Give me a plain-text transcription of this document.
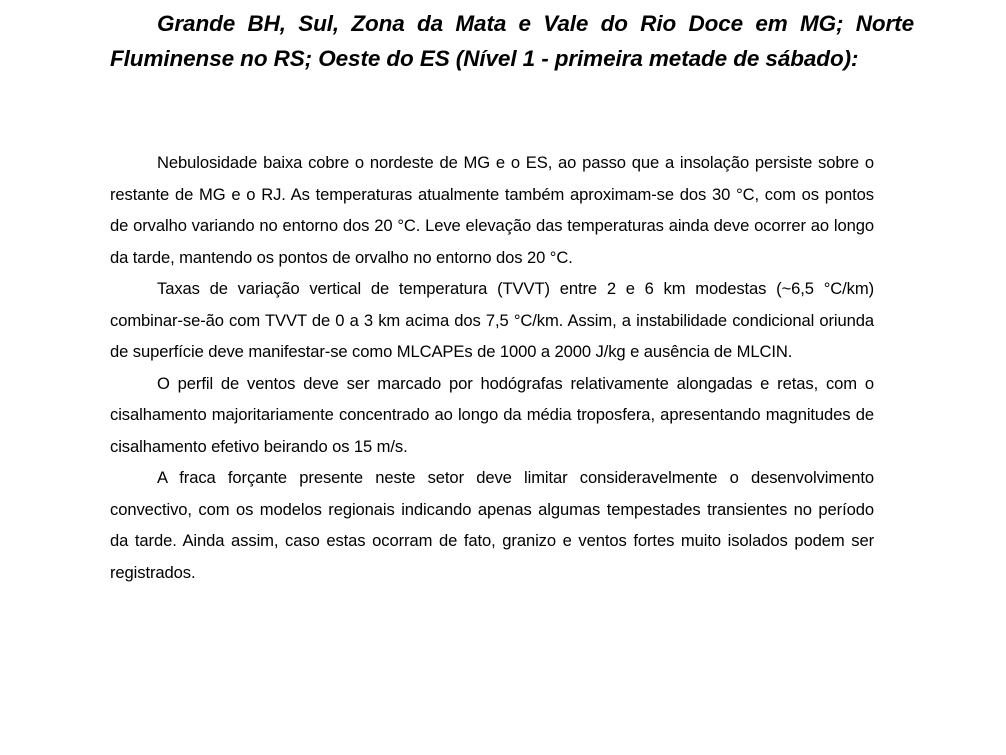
Grande BH, Sul, Zona da Mata e Vale do Rio Doce em MG; Norte Fluminense no RS; Oeste do ES (Nível 1 - primeira metade de sábado):

Nebulosidade baixa cobre o nordeste de MG e o ES, ao passo que a insolação persiste sobre o restante de MG e o RJ. As temperaturas atualmente também aproximam-se dos 30 °C, com os pontos de orvalho variando no entorno dos 20 °C. Leve elevação das temperaturas ainda deve ocorrer ao longo da tarde, mantendo os pontos de orvalho no entorno dos 20 °C.

Taxas de variação vertical de temperatura (TVVT) entre 2 e 6 km modestas (~6,5 °C/km) combinar-se-ão com TVVT de 0 a 3 km acima dos 7,5 °C/km. Assim, a instabilidade condicional oriunda de superfície deve manifestar-se como MLCAPEs de 1000 a 2000 J/kg e ausência de MLCIN.

O perfil de ventos deve ser marcado por hodógrafas relativamente alongadas e retas, com o cisalhamento majoritariamente concentrado ao longo da média troposfera, apresentando magnitudes de cisalhamento efetivo beirando os 15 m/s.

A fraca forçante presente neste setor deve limitar consideravelmente o desenvolvimento convectivo, com os modelos regionais indicando apenas algumas tempestades transientes no período da tarde. Ainda assim, caso estas ocorram de fato, granizo e ventos fortes muito isolados podem ser registrados.
